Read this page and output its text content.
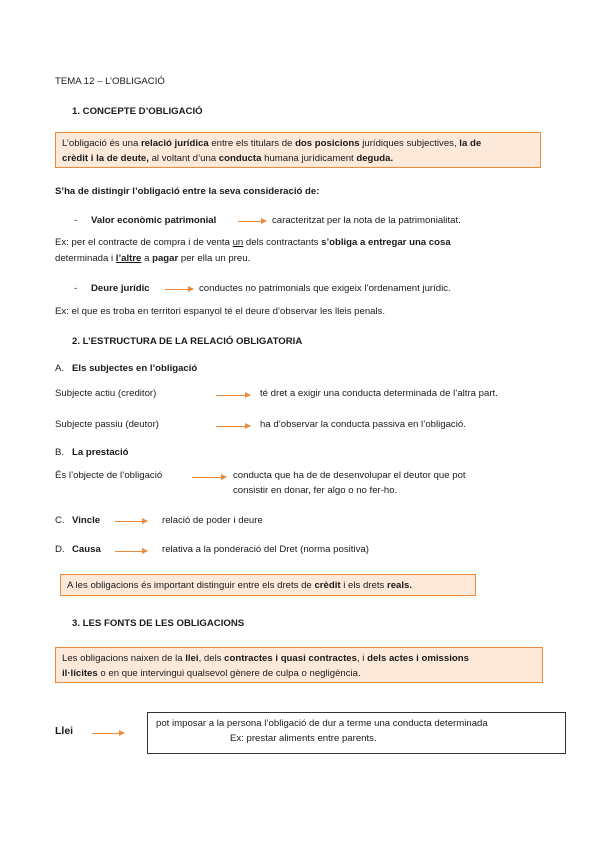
TEMA 12 – L’OBLIGACIÓ
1. CONCEPTE D’OBLIGACIÓ
L’obligació és una relació jurídica entre els titulars de dos posicions jurídiques subjectives, la de
crèdit i la de deute, al voltant d’una conducta humana jurídicament deguda.
S’ha de distingir l’obligació entre la seva consideració de:
- Valor econòmic patrimonial	caracteritzat per la nota de la patrimonialitat.
Ex: per el contracte de compra i de venta un dels contractants s’obliga a entregar una cosa
determinada i l’altre a pagar per ella un preu.
- Deure jurídic	conductes no patrimonials que exigeix l’ordenament jurídic.
Ex: el que es troba en territori espanyol té el deure d’observar les lleis penals.
2. L’ESTRUCTURA DE LA RELACIÓ OBLIGATORIA
A. Els subjectes en l’obligació
Subjecte actiu (creditor)	té dret a exigir una conducta determinada de l’altra part.
Subjecte passiu (deutor)	ha d’observar la conducta passiva en l’obligació.
B. La prestació
És l’objecte de l’obligació	conducta que ha de de desenvolupar el deutor que pot
consistir en donar, fer algo o no fer-ho.
C. Vincle	relació de poder i deure
D. Causa	relativa a la ponderació del Dret (norma positiva)
A les obligacions és important distinguir entre els drets de crèdit i els drets reals.
3. LES FONTS DE LES OBLIGACIONS
Les obligacions naixen de la llei, dels contractes i quasi contractes, i dels actes i omissions
il·lícites o en que intervingui qualsevol gènere de culpa o negligència.
Llei
pot imposar a la persona l’obligació de dur a terme una conducta determinada
Ex: prestar aliments entre parents.
